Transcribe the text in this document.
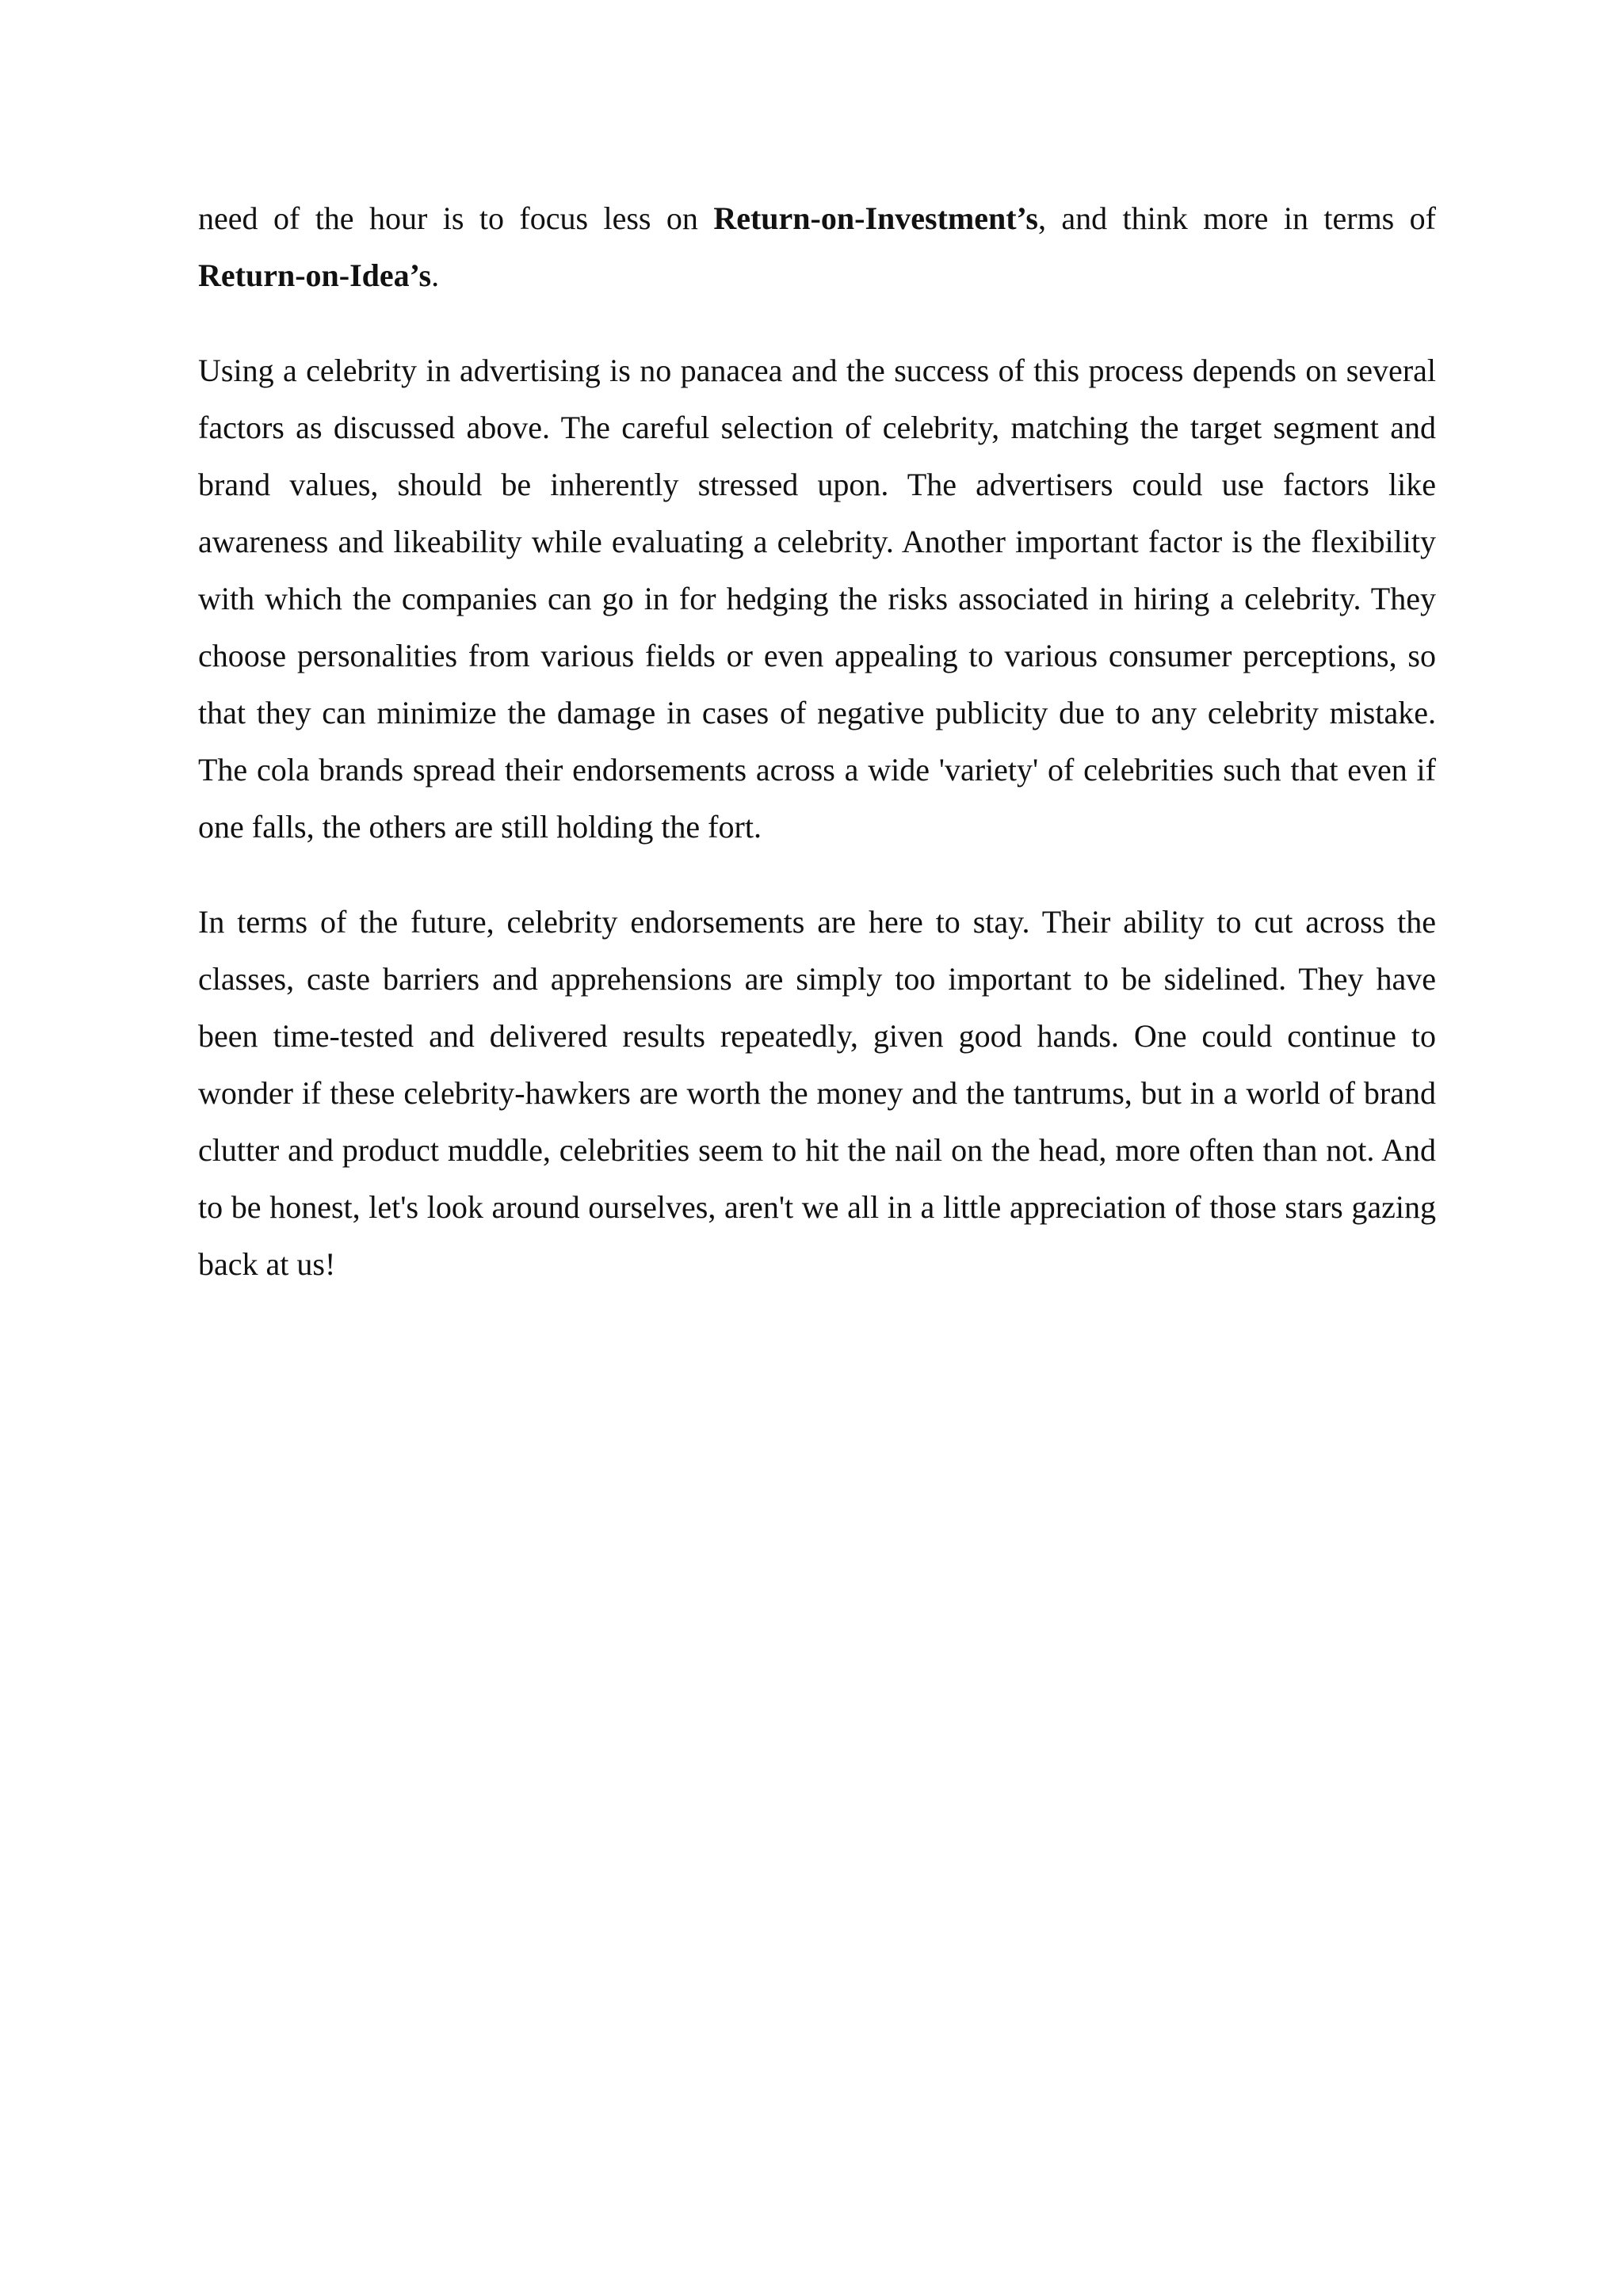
need of the hour is to focus less on Return-on-Investment’s, and think more in terms of Return-on-Idea’s.

Using a celebrity in advertising is no panacea and the success of this process depends on several factors as discussed above. The careful selection of celebrity, matching the target segment and brand values, should be inherently stressed upon. The advertisers could use factors like awareness and likeability while evaluating a celebrity. Another important factor is the flexibility with which the companies can go in for hedging the risks associated in hiring a celebrity. They choose personalities from various fields or even appealing to various consumer perceptions, so that they can minimize the damage in cases of negative publicity due to any celebrity mistake. The cola brands spread their endorsements across a wide 'variety' of celebrities such that even if one falls, the others are still holding the fort.

In terms of the future, celebrity endorsements are here to stay. Their ability to cut across the classes, caste barriers and apprehensions are simply too important to be sidelined. They have been time-tested and delivered results repeatedly, given good hands. One could continue to wonder if these celebrity-hawkers are worth the money and the tantrums, but in a world of brand clutter and product muddle, celebrities seem to hit the nail on the head, more often than not. And to be honest, let's look around ourselves, aren't we all in a little appreciation of those stars gazing back at us!
